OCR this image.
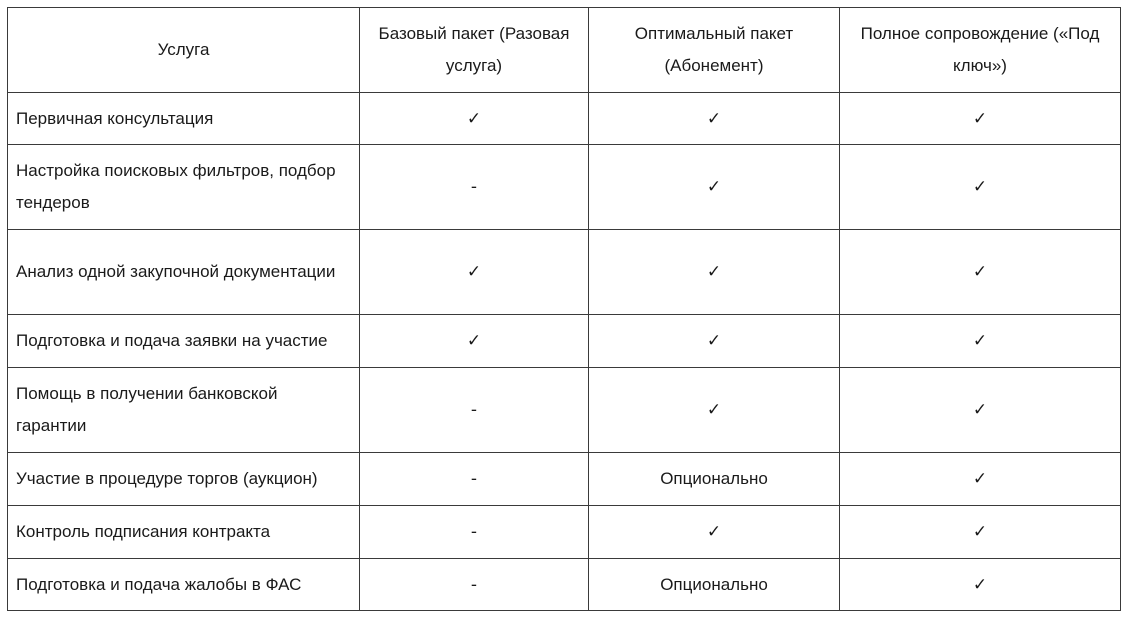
Услуга	Базовый пакет (Разовая услуга)	Оптимальный пакет (Абонемент)	Полное сопровождение («Под ключ»)
Первичная консультация	✓	✓	✓
Настройка поисковых фильтров, подбор тендеров	-	✓	✓
Анализ одной закупочной документации	✓	✓	✓
Подготовка и подача заявки на участие	✓	✓	✓
Помощь в получении банковской гарантии	-	✓	✓
Участие в процедуре торгов (аукцион)	-	Опционально	✓
Контроль подписания контракта	-	✓	✓
Подготовка и подача жалобы в ФАС	-	Опционально	✓
